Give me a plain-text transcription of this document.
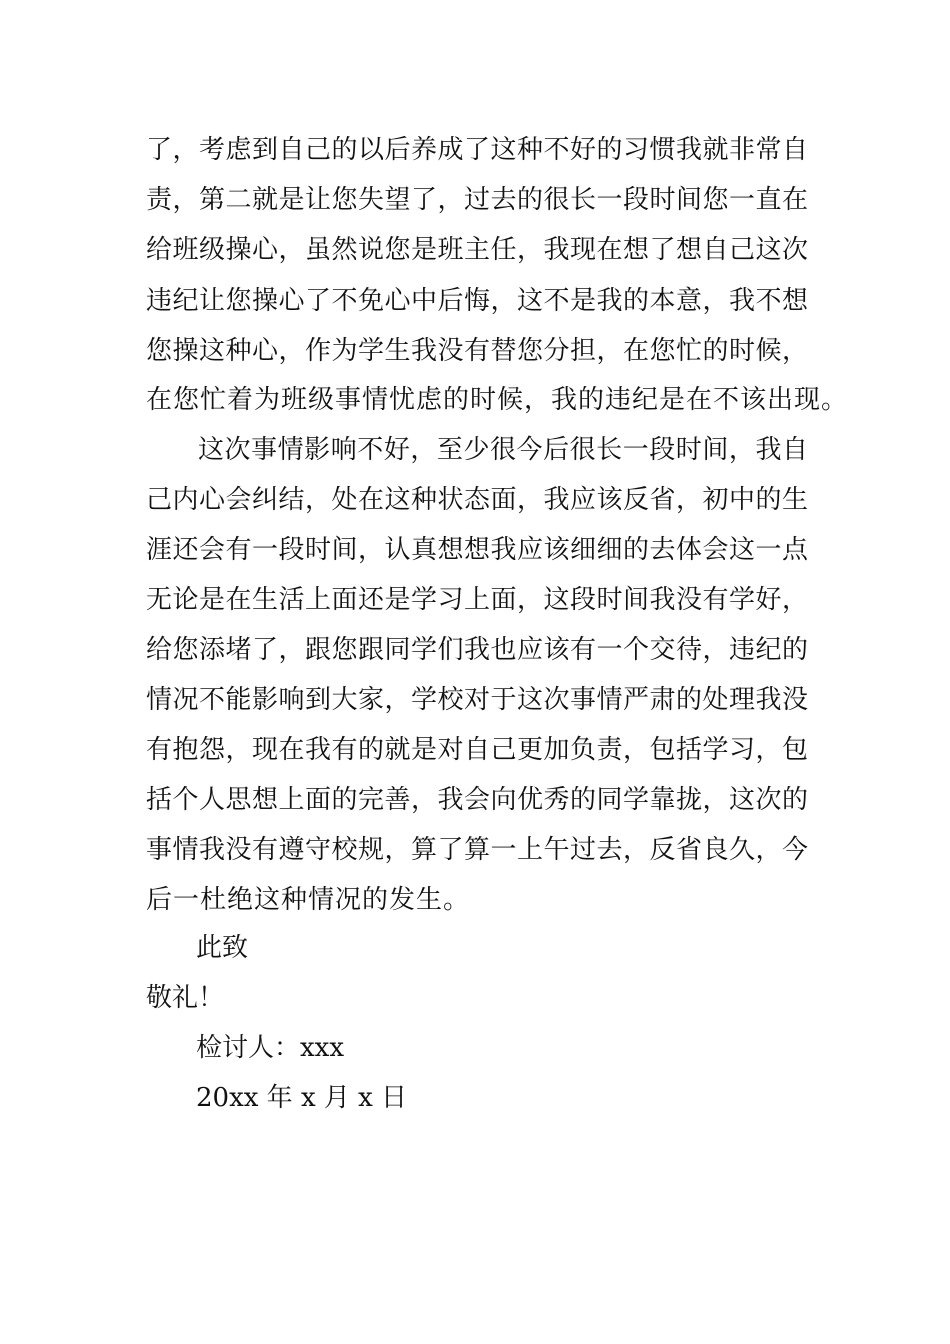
了，考虑到自己的以后养成了这种不好的习惯我就非常自
责，第二就是让您失望了，过去的很长一段时间您一直在
给班级操心，虽然说您是班主任，我现在想了想自己这次
违纪让您操心了不免心中后悔，这不是我的本意，我不想
您操这种心，作为学生我没有替您分担，在您忙的时候，
在您忙着为班级事情忧虑的时候，我的违纪是在不该出现。
这次事情影响不好，至少很今后很长一段时间，我自
己内心会纠结，处在这种状态面，我应该反省，初中的生
涯还会有一段时间，认真想想我应该细细的去体会这一点
无论是在生活上面还是学习上面，这段时间我没有学好，
给您添堵了，跟您跟同学们我也应该有一个交待，违纪的
情况不能影响到大家，学校对于这次事情严肃的处理我没
有抱怨，现在我有的就是对自己更加负责，包括学习，包
括个人思想上面的完善，我会向优秀的同学靠拢，这次的
事情我没有遵守校规，算了算一上午过去，反省良久，今
后一杜绝这种情况的发生。
此致
敬礼！
检讨人：xxx
20xx 年 x 月 x 日
